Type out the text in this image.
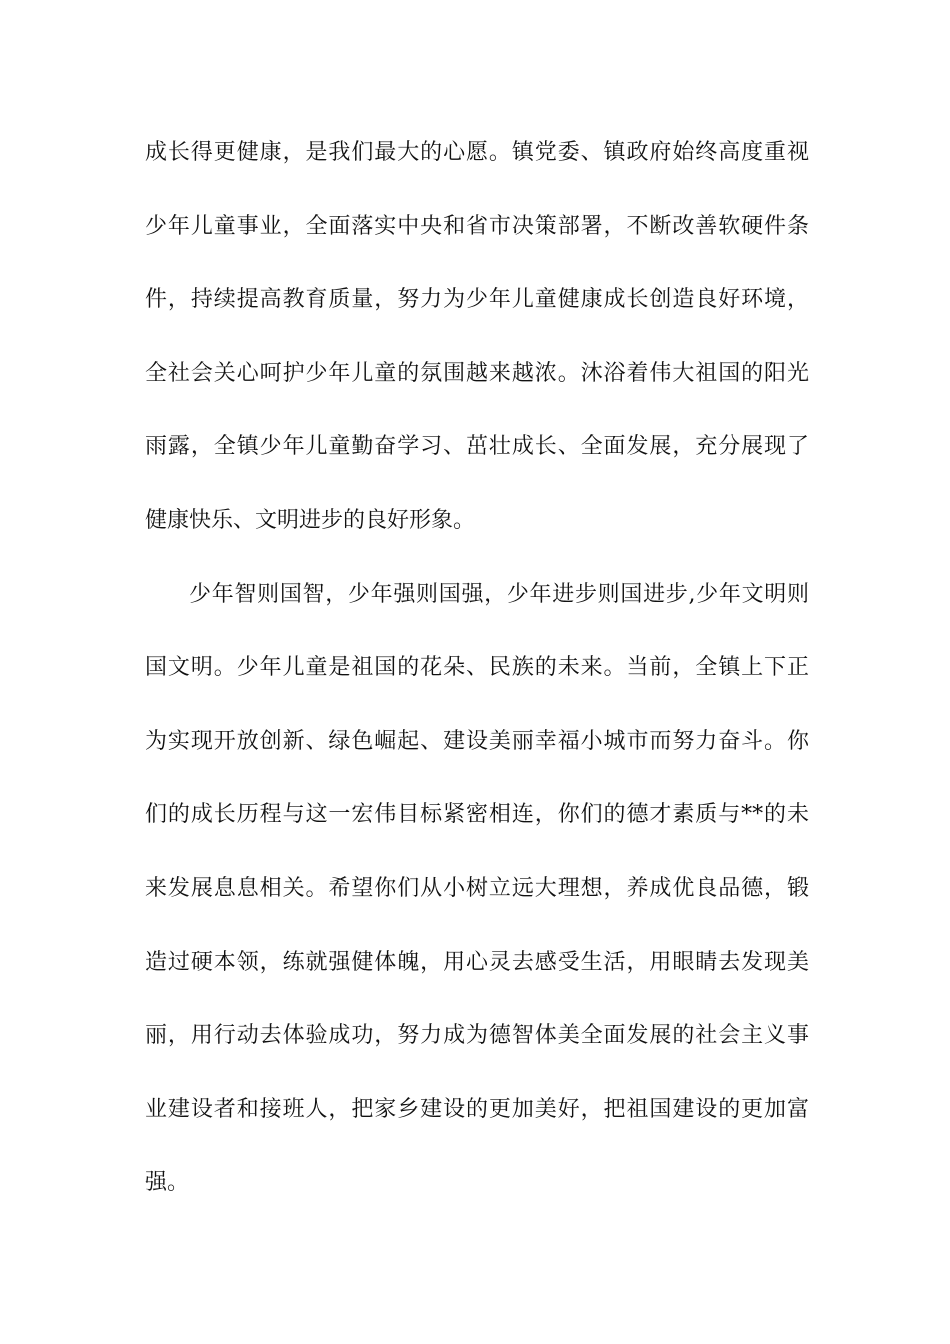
成长得更健康，是我们最大的心愿。镇党委、镇政府始终高度重视
少年儿童事业，全面落实中央和省市决策部署，不断改善软硬件条
件，持续提高教育质量，努力为少年儿童健康成长创造良好环境，
全社会关心呵护少年儿童的氛围越来越浓。沐浴着伟大祖国的阳光
雨露，全镇少年儿童勤奋学习、茁壮成长、全面发展，充分展现了
健康快乐、文明进步的良好形象。
少年智则国智，少年强则国强，少年进步则国进步,少年文明则
国文明。少年儿童是祖国的花朵、民族的未来。当前，全镇上下正
为实现开放创新、绿色崛起、建设美丽幸福小城市而努力奋斗。你
们的成长历程与这一宏伟目标紧密相连，你们的德才素质与**的未
来发展息息相关。希望你们从小树立远大理想，养成优良品德，锻
造过硬本领，练就强健体魄，用心灵去感受生活，用眼睛去发现美
丽，用行动去体验成功，努力成为德智体美全面发展的社会主义事
业建设者和接班人，把家乡建设的更加美好，把祖国建设的更加富
强。
